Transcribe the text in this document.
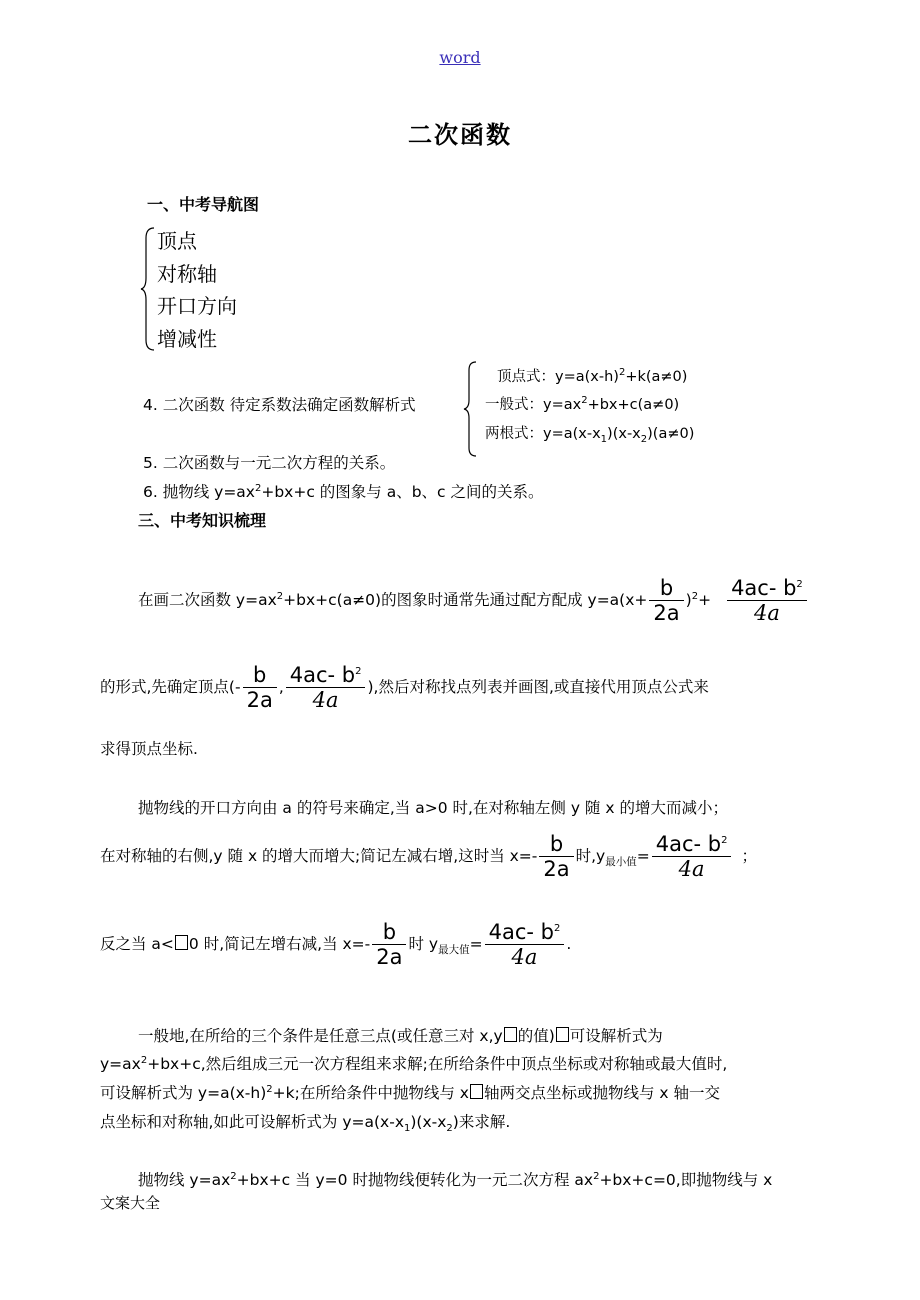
word
二次函数
一、中考导航图
顶点
对称轴
开口方向
增减性
4. 二次函数 待定系数法确定函数解析式
顶点式：$y=a(x-h)^2+k(a\ne 0)$
一般式：$y=ax^2+bx+c(a\ne 0)$
两根式：$y=a(x-x_1)(x-x_2)(a\ne 0)$
5. 二次函数与一元二次方程的关系。
6. 抛物线 $y=ax^2+bx+c$ 的图象与 a、b、c 之间的关系。
三、中考知识梳理
在画二次函数 $y=ax^2+bx+c(a\ne 0)$的图象时通常先通过配方配成 $y=a(x+ \frac{b}{2a} )^2+ \frac{4ac- b^2}{4a}$
的形式,先确定顶点(- $\frac{b}{2a}$ , $\frac{4ac- b^2}{4a}$ ),然后对称找点列表并画图,或直接代用顶点公式来
求得顶点坐标.
抛物线的开口方向由 a 的符号来确定,当 a>0 时,在对称轴左侧 y 随 x 的增大而减小；
在对称轴的右侧,y 随 x 的增大而增大;简记左减右增,这时当 $x=- \frac{b}{2a}$ 时$,y_{最小值}= \frac{4ac- b^2}{4a}$ ；
反之当 a< 0 时,简记左增右减,当 $x=- \frac{b}{2a}$ 时 $y_{最大值}= \frac{4ac- b^2}{4a}$ .
一般地,在所给的三个条件是任意三点(或任意三对 x,y 的值) 可设解析式为
$y=ax^2+bx+c$,然后组成三元一次方程组来求解;在所给条件中顶点坐标或对称轴或最大值时,
可设解析式为 $y=a(x-h)^2+k$;在所给条件中抛物线与 x 轴两交点坐标或抛物线与 x 轴一交
点坐标和对称轴,如此可设解析式为 $y=a(x-x_1)(x-x_2)$来求解.
抛物线 $y=ax^2+bx+c$ 当 y=0 时抛物线便转化为一元二次方程 $ax^2+bx+c=0$,即抛物线与 x
文案大全
